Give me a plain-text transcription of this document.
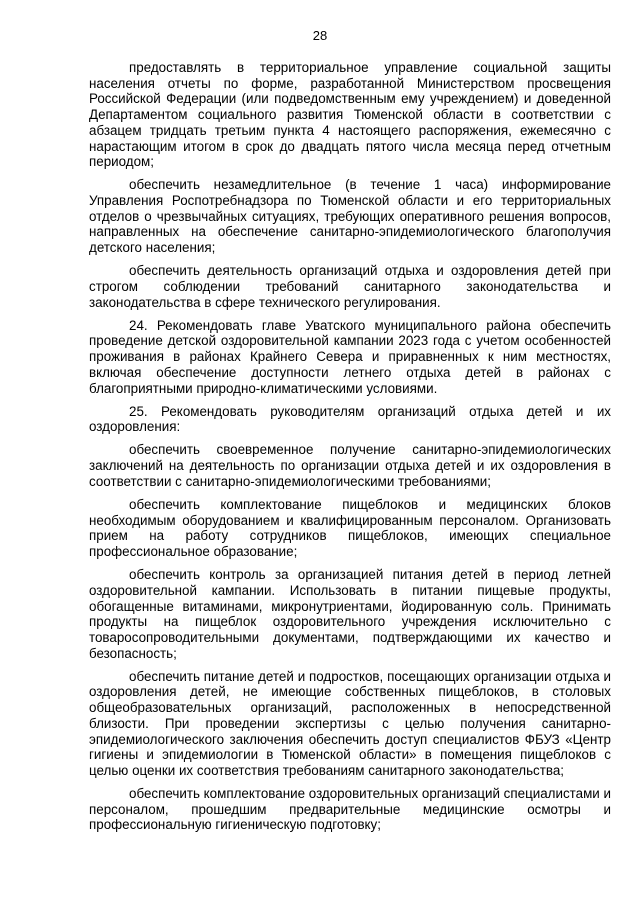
28

предоставлять в территориальное управление социальной защиты населения отчеты по форме, разработанной Министерством просвещения Российской Федерации (или подведомственным ему учреждением) и доведенной Департаментом социального развития Тюменской области в соответствии с абзацем тридцать третьим пункта 4 настоящего распоряжения, ежемесячно с нарастающим итогом в срок до двадцать пятого числа месяца перед отчетным периодом;

обеспечить незамедлительное (в течение 1 часа) информирование Управления Роспотребнадзора по Тюменской области и его территориальных отделов о чрезвычайных ситуациях, требующих оперативного решения вопросов, направленных на обеспечение санитарно-эпидемиологического благополучия детского населения;

обеспечить деятельность организаций отдыха и оздоровления детей при строгом соблюдении требований санитарного законодательства и законодательства в сфере технического регулирования.

24. Рекомендовать главе Уватского муниципального района обеспечить проведение детской оздоровительной кампании 2023 года с учетом особенностей проживания в районах Крайнего Севера и приравненных к ним местностях, включая обеспечение доступности летнего отдыха детей в районах с благоприятными природно-климатическими условиями.

25. Рекомендовать руководителям организаций отдыха детей и их оздоровления:

обеспечить своевременное получение санитарно-эпидемиологических заключений на деятельность по организации отдыха детей и их оздоровления в соответствии с санитарно-эпидемиологическими требованиями;

обеспечить комплектование пищеблоков и медицинских блоков необходимым оборудованием и квалифицированным персоналом. Организовать прием на работу сотрудников пищеблоков, имеющих специальное профессиональное образование;

обеспечить контроль за организацией питания детей в период летней оздоровительной кампании. Использовать в питании пищевые продукты, обогащенные витаминами, микронутриентами, йодированную соль. Принимать продукты на пищеблок оздоровительного учреждения исключительно с товаросопроводительными документами, подтверждающими их качество и безопасность;

обеспечить питание детей и подростков, посещающих организации отдыха и оздоровления детей, не имеющие собственных пищеблоков, в столовых общеобразовательных организаций, расположенных в непосредственной близости. При проведении экспертизы с целью получения санитарно-эпидемиологического заключения обеспечить доступ специалистов ФБУЗ «Центр гигиены и эпидемиологии в Тюменской области» в помещения пищеблоков с целью оценки их соответствия требованиям санитарного законодательства;

обеспечить комплектование оздоровительных организаций специалистами и персоналом, прошедшим предварительные медицинские осмотры и профессиональную гигиеническую подготовку;
